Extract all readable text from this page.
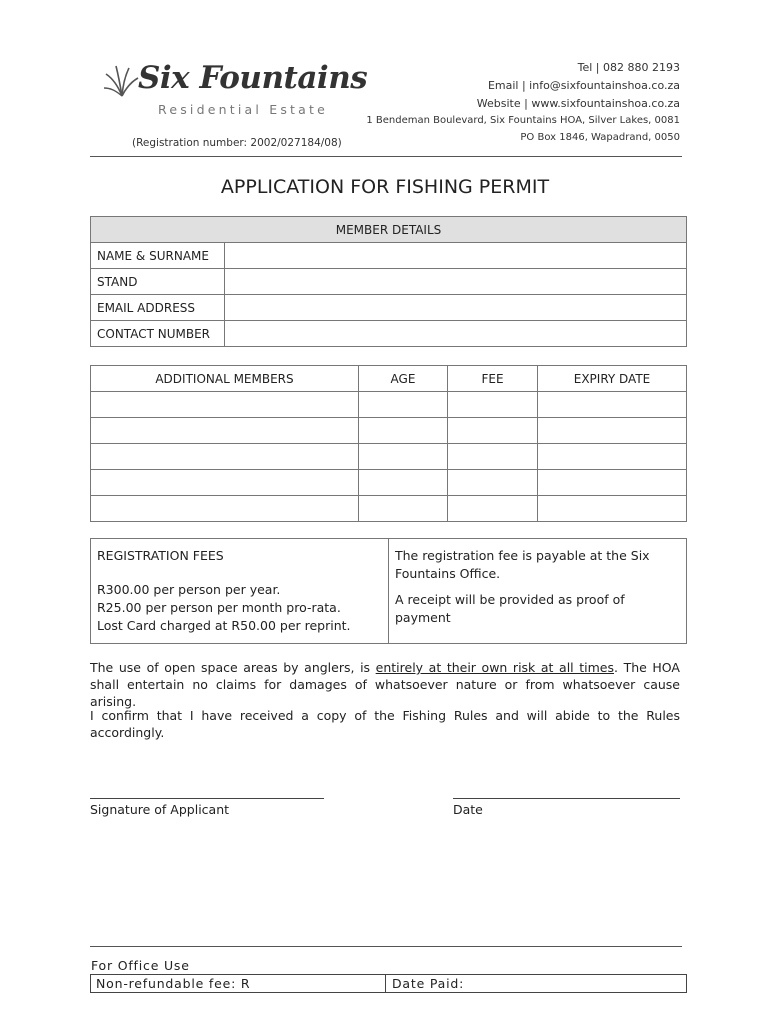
Six Fountains
Residential Estate
(Registration number: 2002/027184/08)
Tel | 082 880 2193
Email | info@sixfountainshoa.co.za
Website | www.sixfountainshoa.co.za
1 Bendeman Boulevard, Six Fountains HOA, Silver Lakes, 0081
PO Box 1846, Wapadrand, 0050
APPLICATION FOR FISHING PERMIT
MEMBER DETAILS	
NAME & SURNAME	
STAND	
EMAIL ADDRESS	
CONTACT NUMBER	
ADDITIONAL MEMBERS	AGE	FEE	EXPIRY DATE

REGISTRATION FEES

R300.00 per person per year.

R25.00 per person per month pro-rata.

Lost Card charged at R50.00 per reprint.

The registration fee is payable at the Six Fountains Office.

A receipt will be provided as proof of payment

The use of open space areas by anglers, is entirely at their own risk at all times. The HOA shall entertain no claims for damages of whatsoever nature or from whatsoever cause arising.
I confirm that I have received a copy of the Fishing Rules and will abide to the Rules accordingly.
Signature of Applicant	Date
For Office Use
Non-refundable fee: R	Date Paid:
